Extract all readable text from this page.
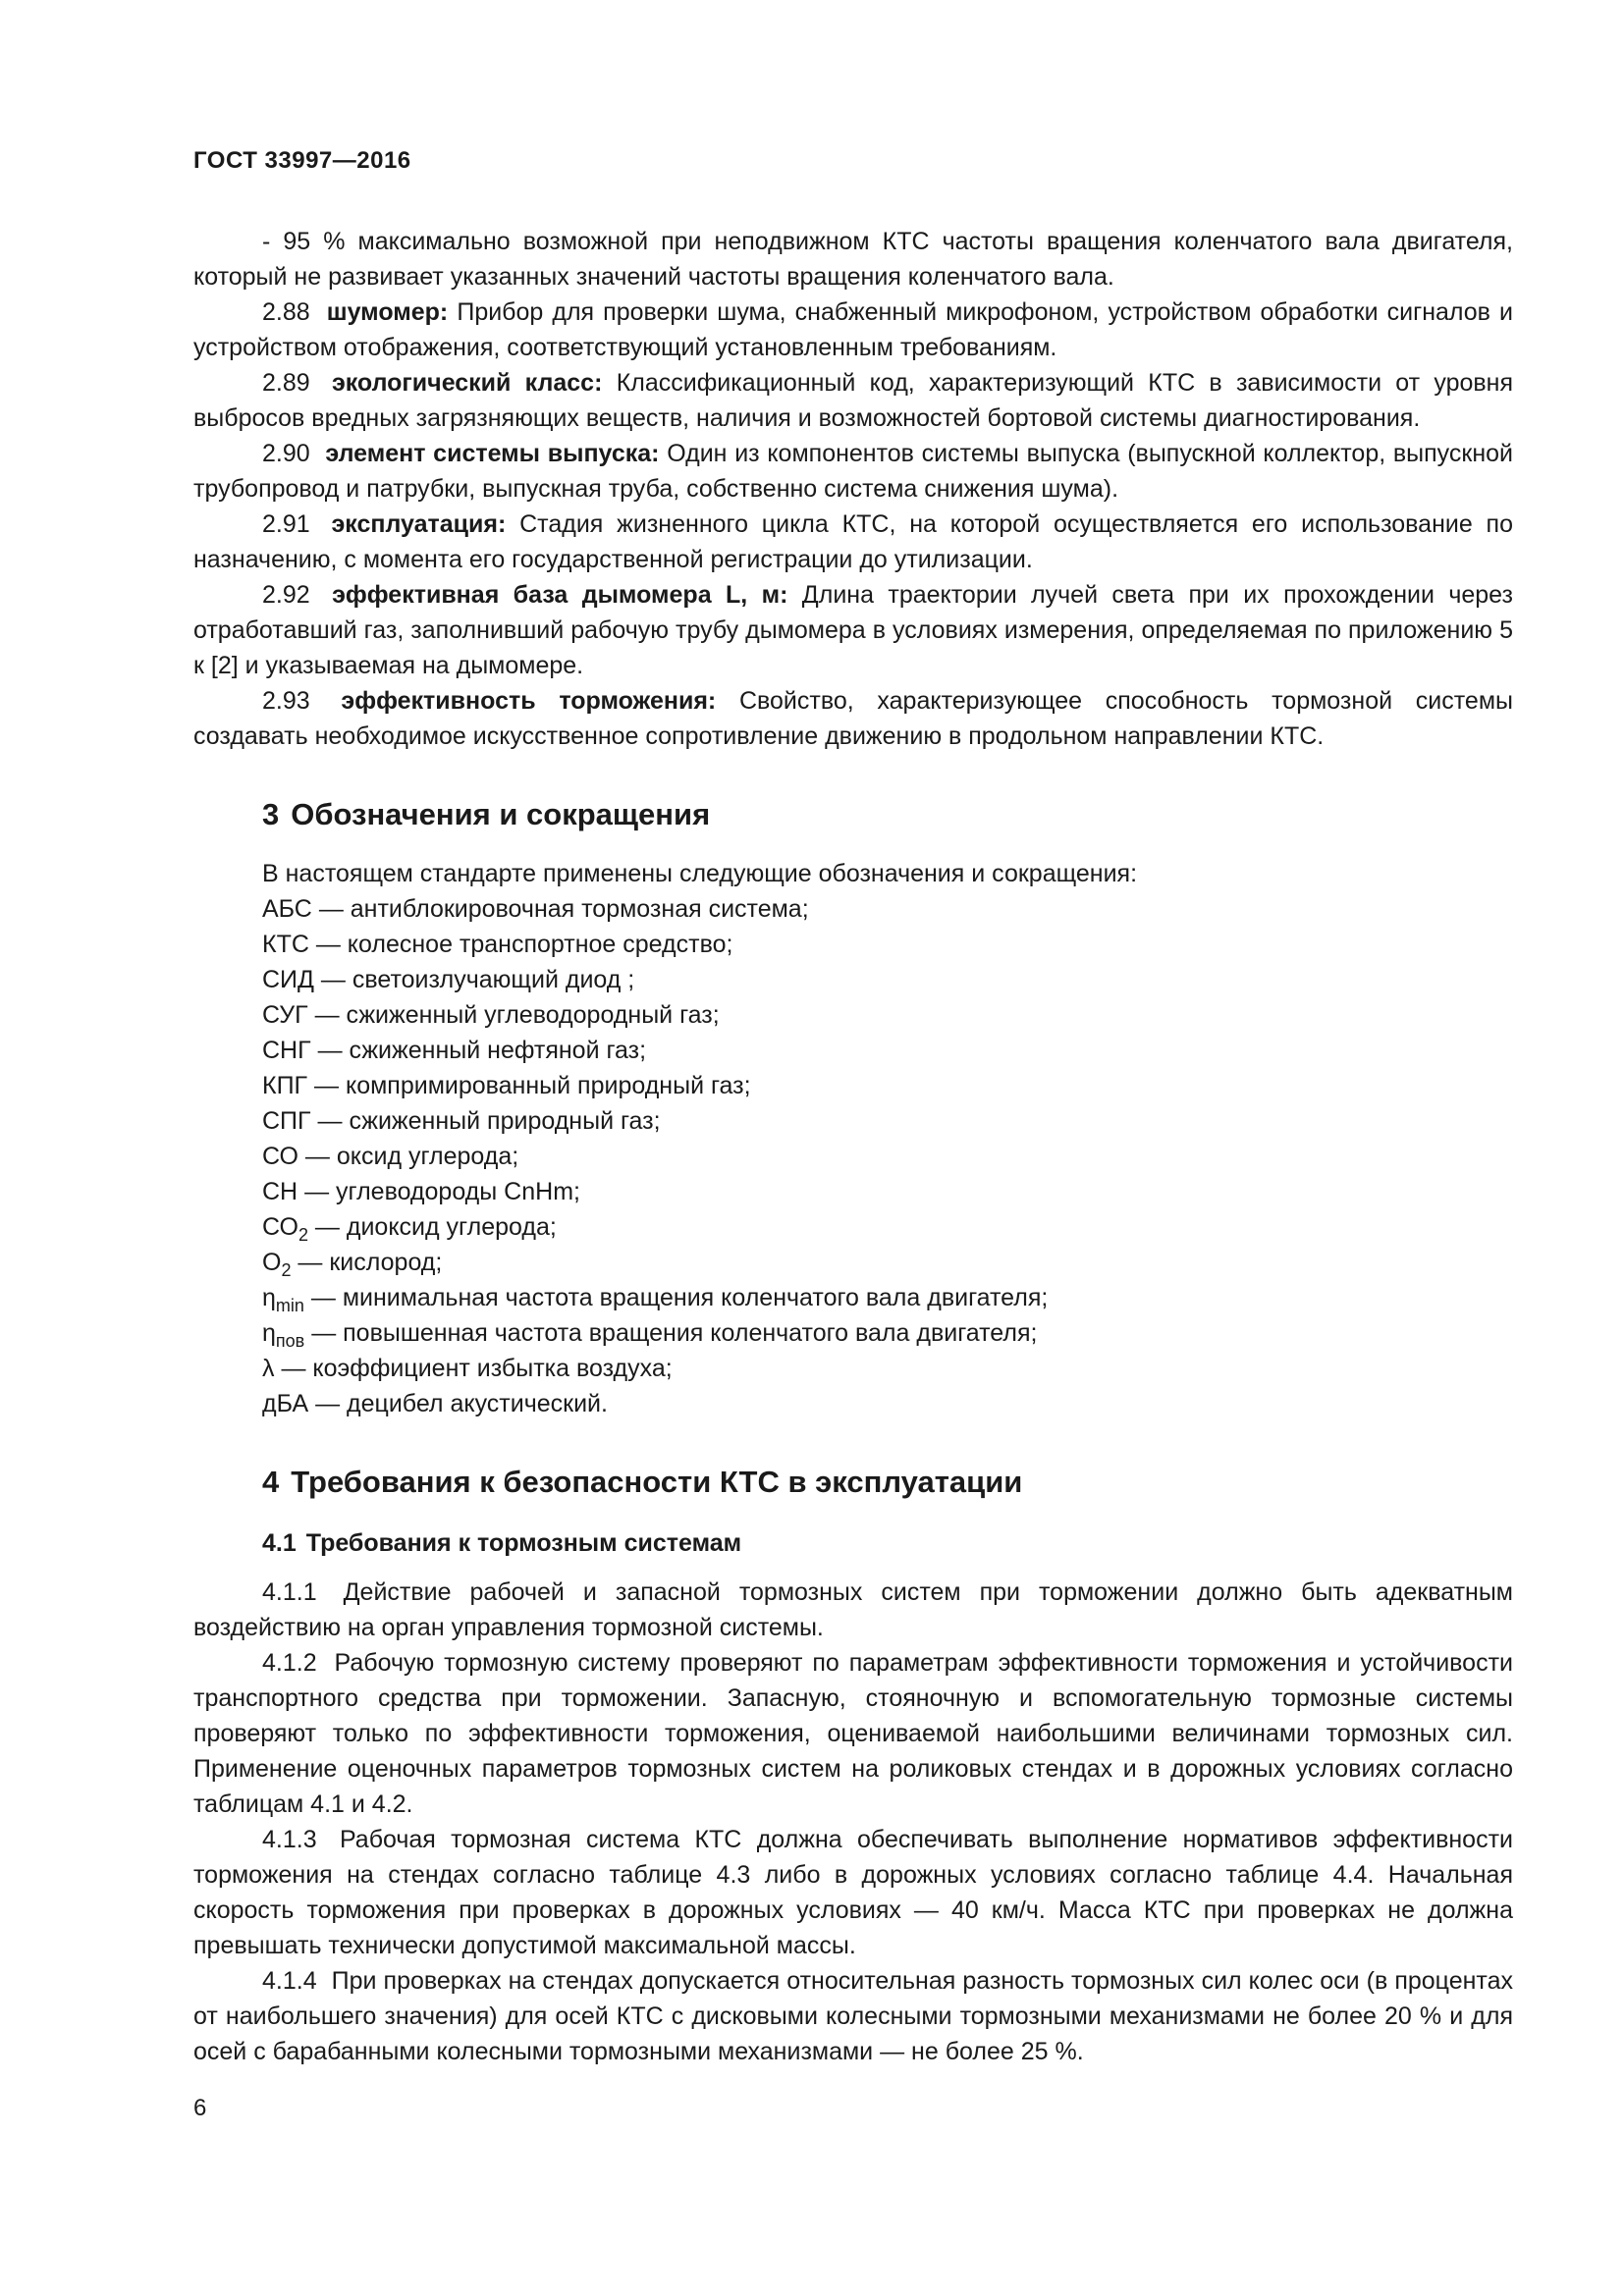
ГОСТ 33997—2016

- 95 % максимально возможной при неподвижном КТС частоты вращения коленчатого вала двигателя, который не развивает указанных значений частоты вращения коленчатого вала.

2.88 шумомер: Прибор для проверки шума, снабженный микрофоном, устройством обработки сигналов и устройством отображения, соответствующий установленным требованиям.

2.89 экологический класс: Классификационный код, характеризующий КТС в зависимости от уровня выбросов вредных загрязняющих веществ, наличия и возможностей бортовой системы диагностирования.

2.90 элемент системы выпуска: Один из компонентов системы выпуска (выпускной коллектор, выпускной трубопровод и патрубки, выпускная труба, собственно система снижения шума).

2.91 эксплуатация: Стадия жизненного цикла КТС, на которой осуществляется его использование по назначению, с момента его государственной регистрации до утилизации.

2.92 эффективная база дымомера L, м: Длина траектории лучей света при их прохождении через отработавший газ, заполнивший рабочую трубу дымомера в условиях измерения, определяемая по приложению 5 к [2] и указываемая на дымомере.

2.93 эффективность торможения: Свойство, характеризующее способность тормозной системы создавать необходимое искусственное сопротивление движению в продольном направлении КТС.

3 Обозначения и сокращения

В настоящем стандарте применены следующие обозначения и сокращения:

АБС — антиблокировочная тормозная система;
КТС — колесное транспортное средство;
СИД — светоизлучающий диод ;
СУГ — сжиженный углеводородный газ;
СНГ — сжиженный нефтяной газ;
КПГ — компримированный природный газ;
СПГ — сжиженный природный газ;
СО — оксид углерода;
СН — углеводороды CnHm;
$СО_2$ — диоксид углерода;
$О_2$ — кислород;
$\eta_{min}$ — минимальная частота вращения коленчатого вала двигателя;
$\eta_{пов}$ — повышенная частота вращения коленчатого вала двигателя;
λ — коэффициент избытка воздуха;
дБА — децибел акустический.
4 Требования к безопасности КТС в эксплуатации
4.1 Требования к тормозным системам

4.1.1 Действие рабочей и запасной тормозных систем при торможении должно быть адекватным воздействию на орган управления тормозной системы.

4.1.2 Рабочую тормозную систему проверяют по параметрам эффективности торможения и устойчивости транспортного средства при торможении. Запасную, стояночную и вспомогательную тормозные системы проверяют только по эффективности торможения, оцениваемой наибольшими величинами тормозных сил. Применение оценочных параметров тормозных систем на роликовых стендах и в дорожных условиях согласно таблицам 4.1 и 4.2.

4.1.3 Рабочая тормозная система КТС должна обеспечивать выполнение нормативов эффективности торможения на стендах согласно таблице 4.3 либо в дорожных условиях согласно таблице 4.4. Начальная скорость торможения при проверках в дорожных условиях — 40 км/ч. Масса КТС при проверках не должна превышать технически допустимой максимальной массы.

4.1.4 При проверках на стендах допускается относительная разность тормозных сил колес оси (в процентах от наибольшего значения) для осей КТС с дисковыми колесными тормозными механизмами не более 20 % и для осей с барабанными колесными тормозными механизмами — не более 25 %.

6
